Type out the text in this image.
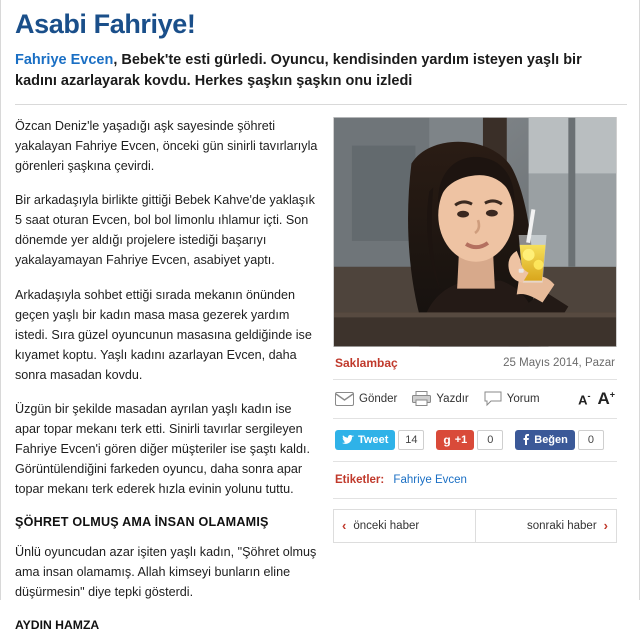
Asabi Fahriye!
Fahriye Evcen, Bebek'te esti gürledi. Oyuncu, kendisinden yardım isteyen yaşlı bir kadını azarlayarak kovdu. Herkes şaşkın şaşkın onu izledi

Özcan Deniz'le yaşadığı aşk sayesinde şöhreti yakalayan Fahriye Evcen, önceki gün sinirli tavırlarıyla görenleri şaşkına çevirdi.

Bir arkadaşıyla birlikte gittiği Bebek Kahve'de yaklaşık 5 saat oturan Evcen, bol bol limonlu ıhlamur içti. Son dönemde yer aldığı projelere istediği başarıyı yakalayamayan Fahriye Evcen, asabiyet yaptı.

Arkadaşıyla sohbet ettiği sırada mekanın önünden geçen yaşlı bir kadın masa masa gezerek yardım istedi. Sıra güzel oyuncunun masasına geldiğinde ise kıyamet koptu. Yaşlı kadını azarlayan Evcen, daha sonra masadan kovdu.

Üzgün bir şekilde masadan ayrılan yaşlı kadın ise apar topar mekanı terk etti. Sinirli tavırlar sergileyen Fahriye Evcen'i gören diğer müşteriler ise şaştı kaldı. Görüntülendiğini farkeden oyuncu, daha sonra apar topar mekanı terk ederek hızla evinin yolunu tuttu.

ŞÖHRET OLMUŞ AMA İNSAN OLAMAMIŞ

Ünlü oyuncudan azar işiten yaşlı kadın, "Şöhret olmuş ama insan olamamış. Allah kimseyi bunların eline düşürmesin" diye tepki gösterdi.

AYDIN HAMZA
Saklambaç	25 Mayıs 2014, Pazar
Gönder	Yazdır	Yorum	A- A+
Tweet	14	g +1	0	Beğen	0
Etiketler: Fahriye Evcen
‹ önceki haber	sonraki haber ›
